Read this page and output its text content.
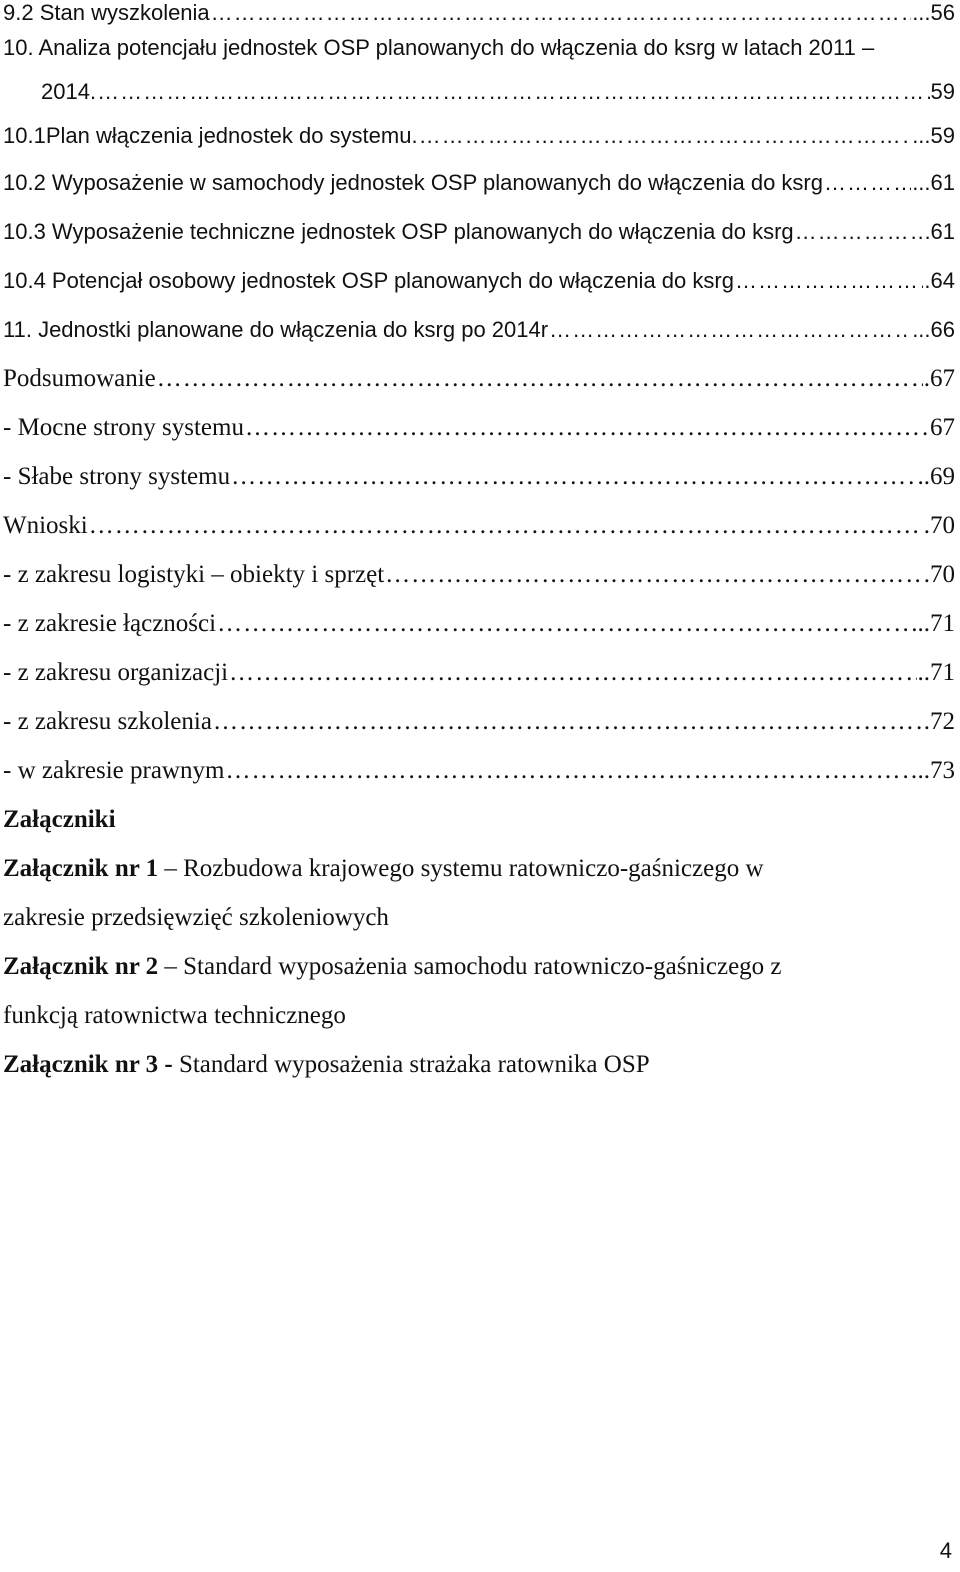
9.2 Stan wyszkolenia …………………………………………………………………………………………………………………………………………………………………………………………………	...56
10. Analiza potencjału jednostek OSP planowanych do włączenia do ksrg w latach 2011 –
2014. …………………………………………………………………………………………………………………………………………………………………………………………………	59
10.1Plan włączenia jednostek do systemu. …………………………………………………………………………………………………………………………………………………………………………………………………	...59
10.2 Wyposażenie w samochody jednostek OSP planowanych do włączenia do ksrg …………………………………………………………………………………………………………………………………………………………………………………………………	...61
10.3 Wyposażenie techniczne jednostek OSP planowanych do włączenia do ksrg …………………………………………………………………………………………………………………………………………………………………………………………………	61
10.4 Potencjał osobowy jednostek OSP planowanych do włączenia do ksrg …………………………………………………………………………………………………………………………………………………………………………………………………	.64
11. Jednostki planowane do włączenia do ksrg po 2014r …………………………………………………………………………………………………………………………………………………………………………………………………	...66
Podsumowanie …………………………………………………………………………………………………………………………………………………………………………………………………	.67
- Mocne strony systemu …………………………………………………………………………………………………………………………………………………………………………………………………	67
- Słabe strony systemu …………………………………………………………………………………………………………………………………………………………………………………………………	..69
Wnioski …………………………………………………………………………………………………………………………………………………………………………………………………	.70
- z zakresu logistyki – obiekty i sprzęt …………………………………………………………………………………………………………………………………………………………………………………………………	.70
- z zakresie łączności …………………………………………………………………………………………………………………………………………………………………………………………………	...71
- z zakresu organizacji …………………………………………………………………………………………………………………………………………………………………………………………………	..71
- z zakresu szkolenia …………………………………………………………………………………………………………………………………………………………………………………………………	.72
- w zakresie prawnym …………………………………………………………………………………………………………………………………………………………………………………………………	..73
Załączniki
Załącznik nr 1 – Rozbudowa krajowego systemu ratowniczo-gaśniczego w
zakresie przedsięwzięć szkoleniowych
Załącznik nr 2 – Standard wyposażenia samochodu ratowniczo-gaśniczego z
funkcją ratownictwa technicznego
Załącznik nr 3 - Standard wyposażenia strażaka ratownika OSP
4
